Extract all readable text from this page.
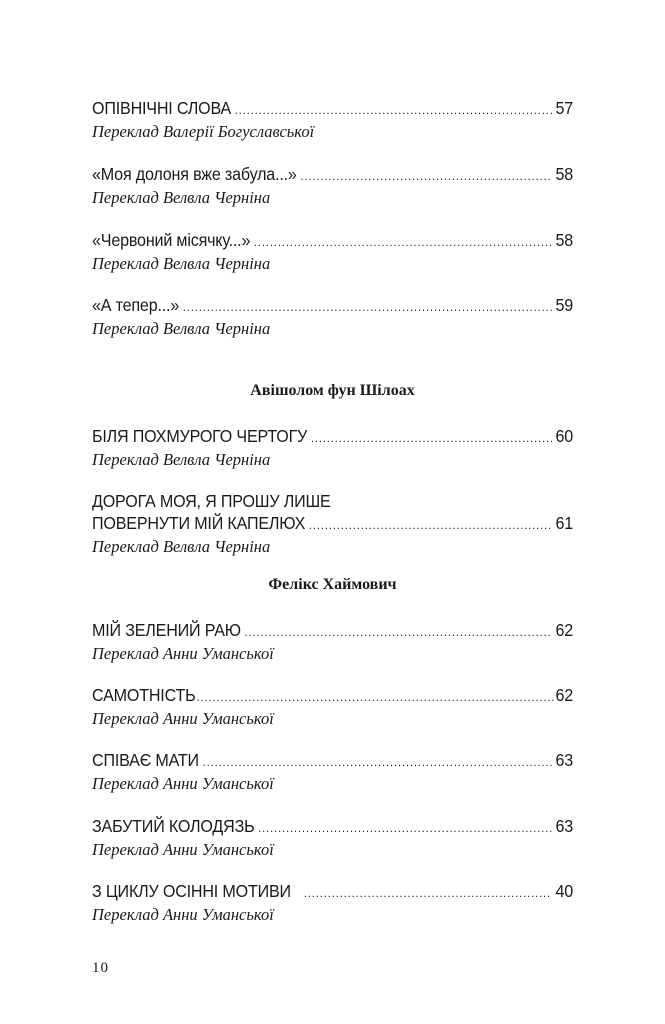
ОПІВНІЧНІ СЛОВА .....	57
Переклад Валерії Богуславської
«Моя долоня вже забула...» .....	58
Переклад Велвла Черніна
«Червоний місячку...» .....	58
Переклад Велвла Черніна
«А тепер...» .....	59
Переклад Велвла Черніна
Авішолом фун Шілоах
БІЛЯ ПОХМУРОГО ЧЕРТОГУ .....	60
Переклад Велвла Черніна
ДОРОГА МОЯ, Я ПРОШУ ЛИШЕ
ПОВЕРНУТИ МІЙ КАПЕЛЮХ .....	61
Переклад Велвла Черніна
Фелікс Хаймович
МІЙ ЗЕЛЕНИЙ РАЮ .....	62
Переклад Анни Уманської
САМОТНІСТЬ .....	62
Переклад Анни Уманської
СПІВАЄ МАТИ .....	63
Переклад Анни Уманської
ЗАБУТИЙ КОЛОДЯЗЬ .....	63
Переклад Анни Уманської
З ЦИКЛУ ОСІННІ МОТИВИ .....	40
Переклад Анни Уманської
10
